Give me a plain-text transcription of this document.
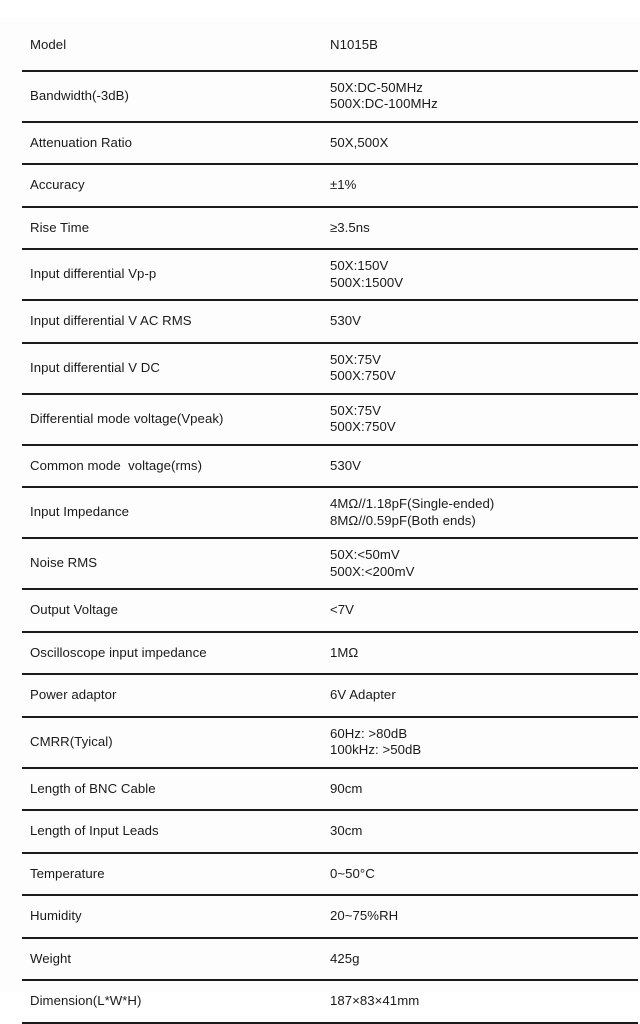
Model	N1015B

Bandwidth(-3dB)	50X:DC-50MHz
500X:DC-100MHz

Attenuation Ratio	50X,500X

Accuracy	±1%

Rise Time	≥3.5ns

Input differential Vp-p	50X:150V
500X:1500V

Input differential V AC RMS	530V

Input differential V DC	50X:75V
500X:750V

Differential mode voltage(Vpeak)	50X:75V
500X:750V

Common mode  voltage(rms)	530V

Input Impedance	4MΩ//1.18pF(Single-ended)
8MΩ//0.59pF(Both ends)

Noise RMS	50X:<50mV
500X:<200mV

Output Voltage	<7V

Oscilloscope input impedance	1MΩ

Power adaptor	6V Adapter

CMRR(Tyical)	60Hz: >80dB
100kHz: >50dB

Length of BNC Cable	90cm

Length of Input Leads	30cm

Temperature	0~50°C

Humidity	20~75%RH

Weight	425g

Dimension(L*W*H)	187×83×41mm
